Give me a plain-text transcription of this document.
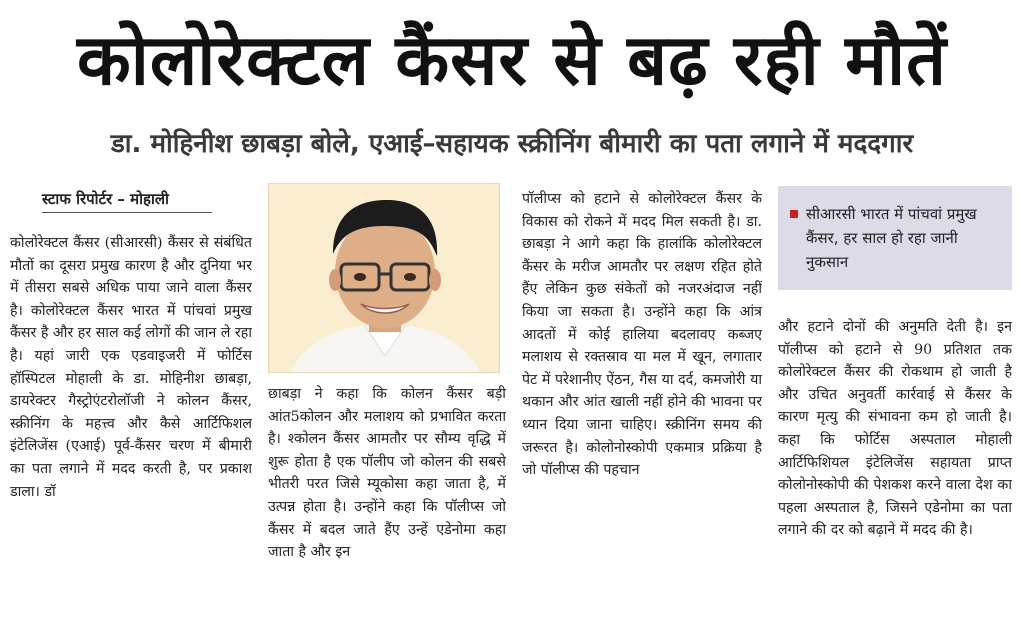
कोलोरेक्टल कैंसर से बढ़ रही मौतें
डा. मोहिनीश छाबड़ा बोले, एआई–सहायक स्क्रीनिंग बीमारी का पता लगाने में मददगार
स्टाफ रिपोर्टर – मोहाली
कोलोरेक्टल कैंसर (सीआरसी) कैंसर से संबंधित मौतों का दूसरा प्रमुख कारण है और दुनिया भर में तीसरा सबसे अधिक पाया जाने वाला कैंसर है। कोलोरेक्टल कैंसर भारत में पांचवां प्रमुख कैंसर है और हर साल कई लोगों की जान ले रहा है। यहां जारी एक एडवाइजरी में फोर्टिस हॉस्पिटल मोहाली के डा. मोहिनीश छाबड़ा, डायरेक्टर गैस्ट्रोएंटरोलॉजी ने कोलन कैंसर, स्क्रीनिंग के महत्त्व और कैसे आर्टिफिशल इंटेलिजेंस (एआई) पूर्व-कैंसर चरण में बीमारी का पता लगाने में मदद करती है, पर प्रकाश डाला। डॉ
छाबड़ा ने कहा कि कोलन कैंसर बड़ी आंत5कोलन और मलाशय को प्रभावित करता है। श्कोलन कैंसर आमतौर पर सौम्य वृद्धि में शुरू होता है एक पॉलीप जो कोलन की सबसे भीतरी परत जिसे म्यूकोसा कहा जाता है, में उत्पन्न होता है। उन्होंने कहा कि पॉलीप्स जो कैंसर में बदल जाते हैंए उन्हें एडेनोमा कहा जाता है और इन
पॉलीप्स को हटाने से कोलोरेक्टल कैंसर के विकास को रोकने में मदद मिल सकती है। डा. छाबड़ा ने आगे कहा कि हालांकि कोलोरेक्टल कैंसर के मरीज आमतौर पर लक्षण रहित होते हैंए लेकिन कुछ संकेतों को नजरअंदाज नहीं किया जा सकता है। उन्होंने कहा कि आंत्र आदतों में कोई हालिया बदलावए कब्जए मलाशय से रक्तस्राव या मल में खून, लगातार पेट में परेशानीए ऐंठन, गैस या दर्द, कमजोरी या थकान और आंत खाली नहीं होने की भावना पर ध्यान दिया जाना चाहिए। स्क्रीनिंग समय की जरूरत है। कोलोनोस्कोपी एकमात्र प्रक्रिया है जो पॉलीप्स की पहचान
सीआरसी भारत में पांचवां प्रमुख कैंसर, हर साल हो रहा जानी नुकसान
और हटाने दोनों की अनुमति देती है। इन पॉलीप्स को हटाने से 90 प्रतिशत तक कोलोरेक्टल कैंसर की रोकथाम हो जाती है और उचित अनुवर्ती कार्रवाई से कैंसर के कारण मृत्यु की संभावना कम हो जाती है। कहा कि फोर्टिस अस्पताल मोहाली आर्टिफिशियल इंटेलिजेंस सहायता प्राप्त कोलोनोस्कोपी की पेशकश करने वाला देश का पहला अस्पताल है, जिसने एडेनोमा का पता लगाने की दर को बढ़ाने में मदद की है।
